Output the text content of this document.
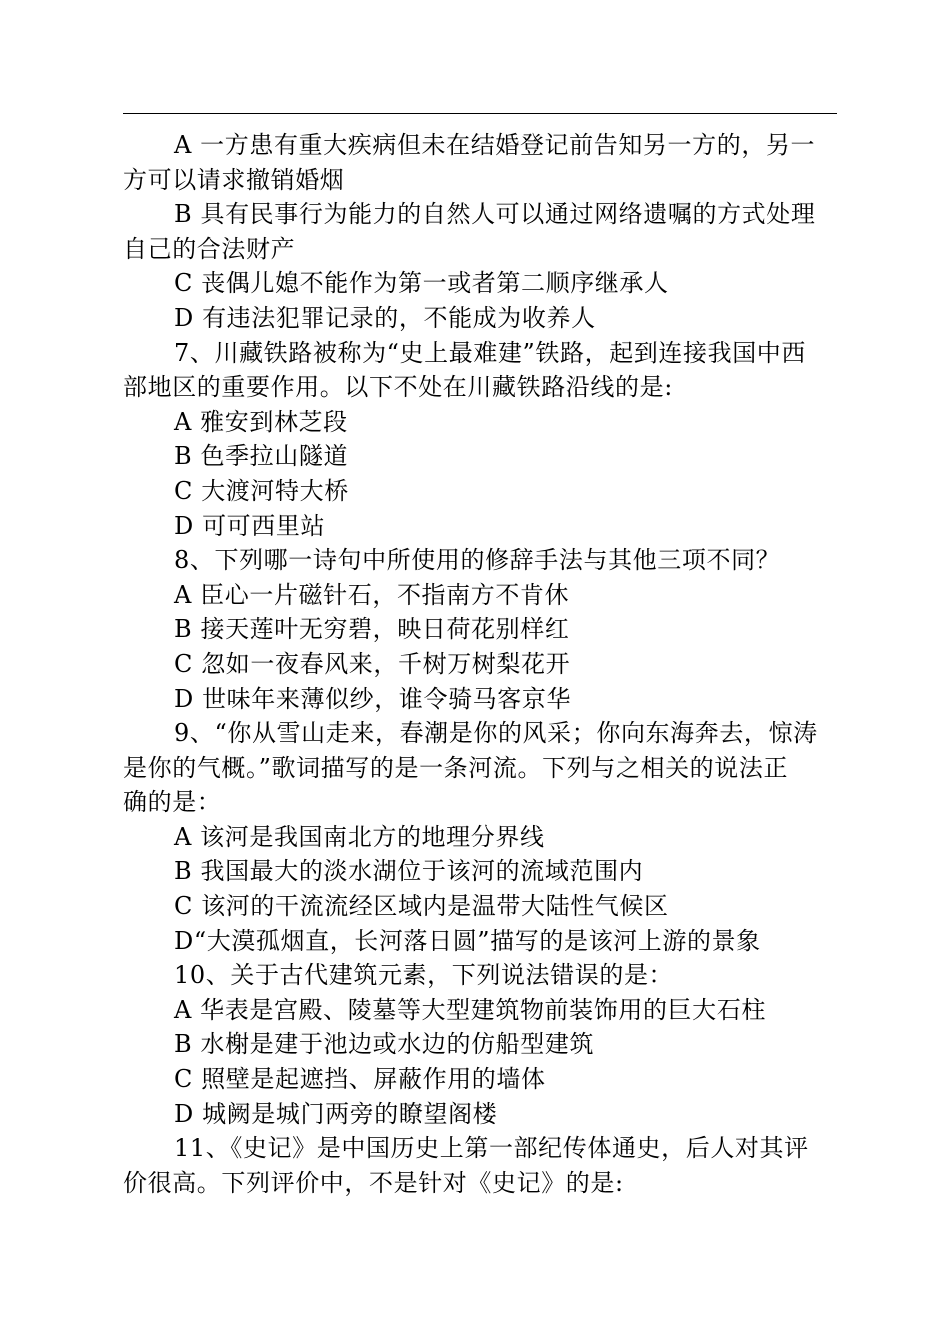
A 一方患有重大疾病但未在结婚登记前告知另一方的，另一
方可以请求撤销婚烟
B 具有民事行为能力的自然人可以通过网络遗嘱的方式处理
自己的合法财产
C 丧偶儿媳不能作为第一或者第二顺序继承人
D 有违法犯罪记录的，不能成为收养人
7、川藏铁路被称为“史上最难建”铁路，起到连接我国中西
部地区的重要作用。以下不处在川藏铁路沿线的是:
A 雅安到林芝段
B 色季拉山隧道
C 大渡河特大桥
D 可可西里站
8、下列哪一诗句中所使用的修辞手法与其他三项不同？
A 臣心一片磁针石，不指南方不肯休
B 接天莲叶无穷碧，映日荷花别样红
C 忽如一夜春风来，千树万树梨花开
D 世味年来薄似纱，谁令骑马客京华
9、“你从雪山走来，春潮是你的风采；你向东海奔去，惊涛
是你的气概。”歌词描写的是一条河流。下列与之相关的说法正
确的是：
A 该河是我国南北方的地理分界线
B 我国最大的淡水湖位于该河的流域范围内
C 该河的干流流经区域内是温带大陆性气候区
D“大漠孤烟直，长河落日圆”描写的是该河上游的景象
10、关于古代建筑元素，下列说法错误的是：
A 华表是宫殿、陵墓等大型建筑物前装饰用的巨大石柱
B 水榭是建于池边或水边的仿船型建筑
C 照壁是起遮挡、屏蔽作用的墙体
D 城阙是城门两旁的瞭望阁楼
11、《史记》是中国历史上第一部纪传体通史，后人对其评
价很高。下列评价中，不是针对《史记》的是:
